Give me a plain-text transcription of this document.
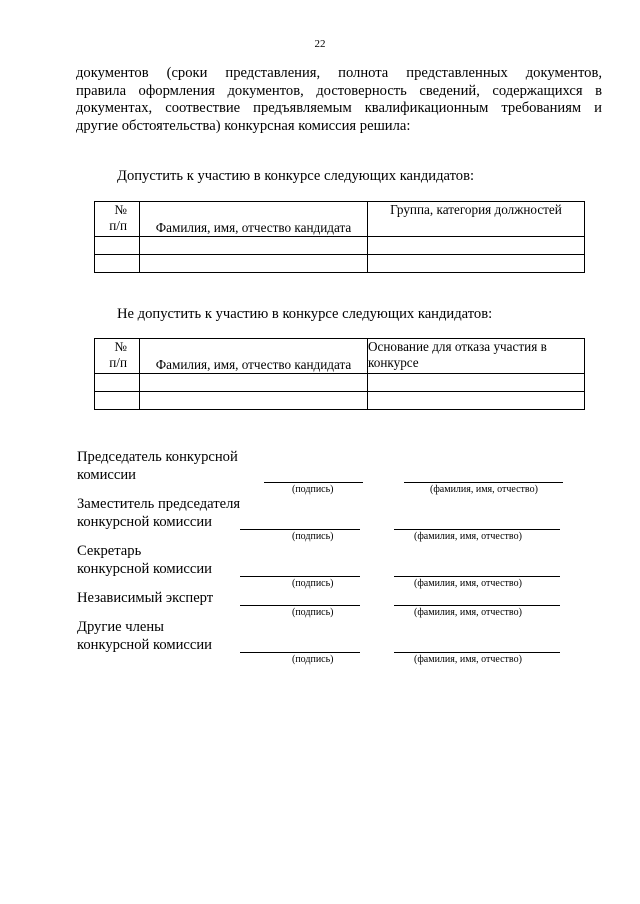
22
документов (сроки представления, полнота представленных документов,
правила оформления документов, достоверность сведений, содержащихся в
документах, соотвествие предъявляемым квалификационным требованиям и
другие обстоятельства) конкурсная комиссия решила:
Допустить к участию в конкурсе следующих кандидатов:
№
п/п	Фамилия, имя, отчество кандидата	Группа, категория должностей

Не допустить к участию в конкурсе следующих кандидатов:
№
п/п	Фамилия, имя, отчество кандидата	Основание для отказа участия в конкурсе

Председатель конкурсной
комиссии
(подпись)	(фамилия, имя, отчество)
Заместитель председателя
конкурсной комиссии
(подпись)	(фамилия, имя, отчество)
Секретарь
конкурсной комиссии
(подпись)	(фамилия, имя, отчество)
Независимый эксперт
(подпись)	(фамилия, имя, отчество)
Другие члены
конкурсной комиссии
(подпись)	(фамилия, имя, отчество)
